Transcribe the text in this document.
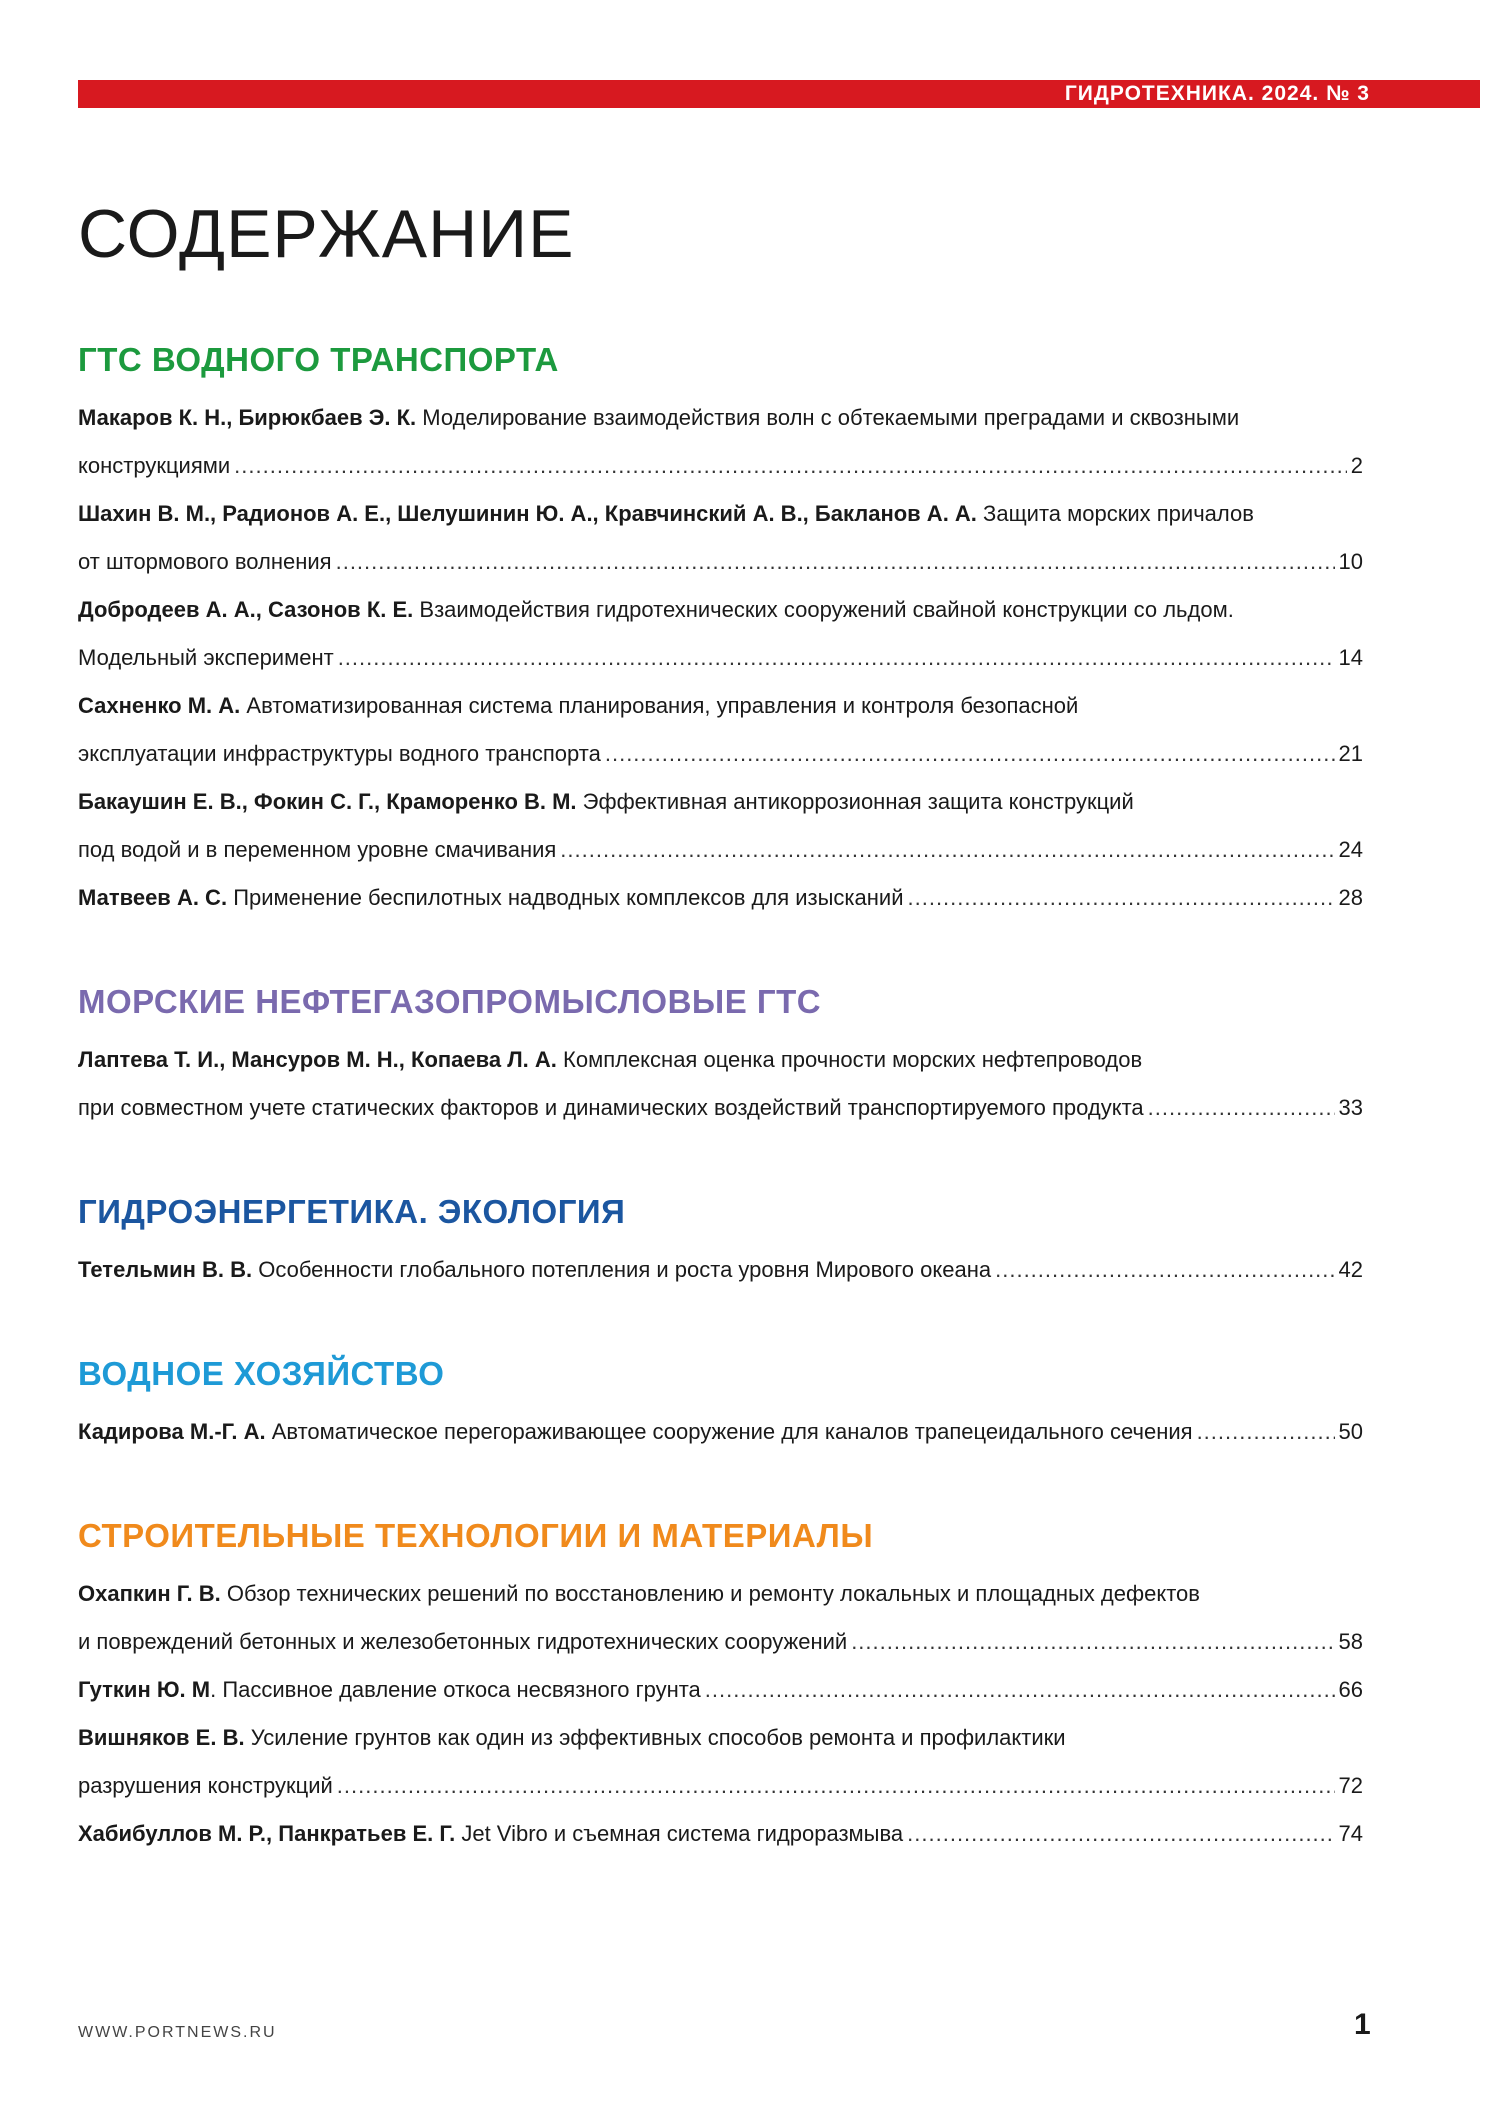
ГИДРОТЕХНИКА. 2024. № 3
СОДЕРЖАНИЕ
ГТС ВОДНОГО ТРАНСПОРТА
Макаров К. Н., Бирюкбаев Э. К. Моделирование взаимодействия волн с обтекаемыми преградами и сквозными
конструкциями .....	2
Шахин В. М., Радионов А. Е., Шелушинин Ю. А., Кравчинский А. В., Бакланов А. А. Защита морских причалов
от штормового волнения .....	10
Добродеев А. А., Сазонов К. Е. Взаимодействия гидротехнических сооружений свайной конструкции со льдом.
Модельный эксперимент .....	14
Сахненко М. А. Автоматизированная система планирования, управления и контроля безопасной
эксплуатации инфраструктуры водного транспорта .....	21
Бакаушин Е. В., Фокин С. Г., Краморенко В. М. Эффективная антикоррозионная защита конструкций
под водой и в переменном уровне смачивания .....	24
Матвеев А. С. Применение беспилотных надводных комплексов для изысканий .....	28
МОРСКИЕ НЕФТЕГАЗОПРОМЫСЛОВЫЕ ГТС
Лаптева Т. И., Мансуров М. Н., Копаева Л. А. Комплексная оценка прочности морских нефтепроводов
при совместном учете статических факторов и динамических воздействий транспортируемого продукта .....	33
ГИДРОЭНЕРГЕТИКА. ЭКОЛОГИЯ
Тетельмин В. В. Особенности глобального потепления и роста уровня Мирового океана .....	42
ВОДНОЕ ХОЗЯЙСТВО
Кадирова М.-Г. А. Автоматическое перегораживающее сооружение для каналов трапецеидального сечения .....	50
СТРОИТЕЛЬНЫЕ ТЕХНОЛОГИИ И МАТЕРИАЛЫ
Охапкин Г. В. Обзор технических решений по восстановлению и ремонту локальных и площадных дефектов
и повреждений бетонных и железобетонных гидротехнических сооружений .....	58
Гуткин Ю. М. Пассивное давление откоса несвязного грунта .....	66
Вишняков Е. В. Усиление грунтов как один из эффективных способов ремонта и профилактики
разрушения конструкций .....	72
Хабибуллов М. Р., Панкратьев Е. Г. Jet Vibro и съемная система гидроразмыва .....	74
WWW.PORTNEWS.RU	1
